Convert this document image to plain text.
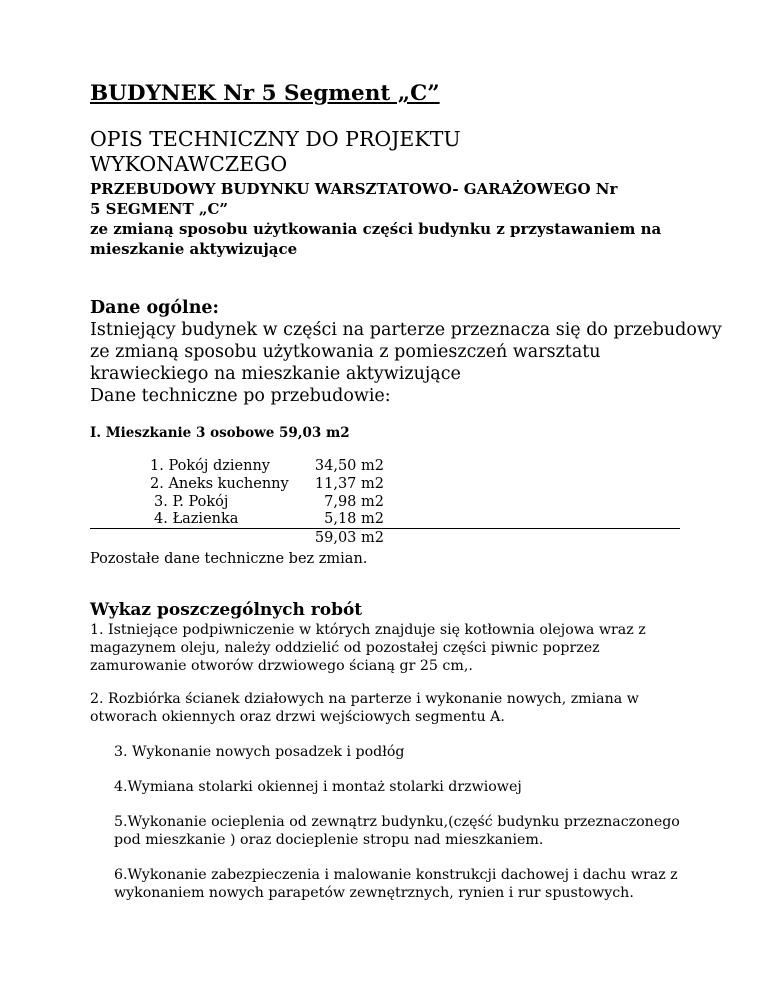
BUDYNEK Nr 5 Segment „C”
OPIS TECHNICZNY DO PROJEKTU
WYKONAWCZEGO
PRZEBUDOWY BUDYNKU WARSZTATOWO- GARAŻOWEGO Nr
5 SEGMENT „C”
ze zmianą sposobu użytkowania części budynku z przystawaniem na
mieszkanie aktywizujące
Dane ogólne:
Istniejący budynek w części na parterze przeznacza się do przebudowy
ze zmianą sposobu użytkowania z pomieszczeń warsztatu
krawieckiego na mieszkanie aktywizujące
Dane techniczne po przebudowie:
I. Mieszkanie 3 osobowe 59,03 m2
1. Pokój dzienny	34,50 m2
2. Aneks kuchenny 11,37 m2
3. P. Pokój	7,98 m2
4. Łazienka	5,18 m2
59,03 m2
Pozostałe dane techniczne bez zmian.
Wykaz poszczególnych robót
1. Istniejące podpiwniczenie w których znajduje się kotłownia olejowa wraz z
magazynem oleju, należy oddzielić od pozostałej części piwnic poprzez
zamurowanie otworów drzwiowego ścianą gr 25 cm,.
2. Rozbiórka ścianek działowych na parterze i wykonanie nowych, zmiana w
otworach okiennych oraz drzwi wejściowych segmentu A.
3. Wykonanie nowych posadzek i podłóg
4.Wymiana stolarki okiennej i montaż stolarki drzwiowej
5.Wykonanie ocieplenia od zewnątrz budynku,(część budynku przeznaczonego
pod mieszkanie ) oraz docieplenie stropu nad mieszkaniem.
6.Wykonanie zabezpieczenia i malowanie konstrukcji dachowej i dachu wraz z
wykonaniem nowych parapetów zewnętrznych, rynien i rur spustowych.
